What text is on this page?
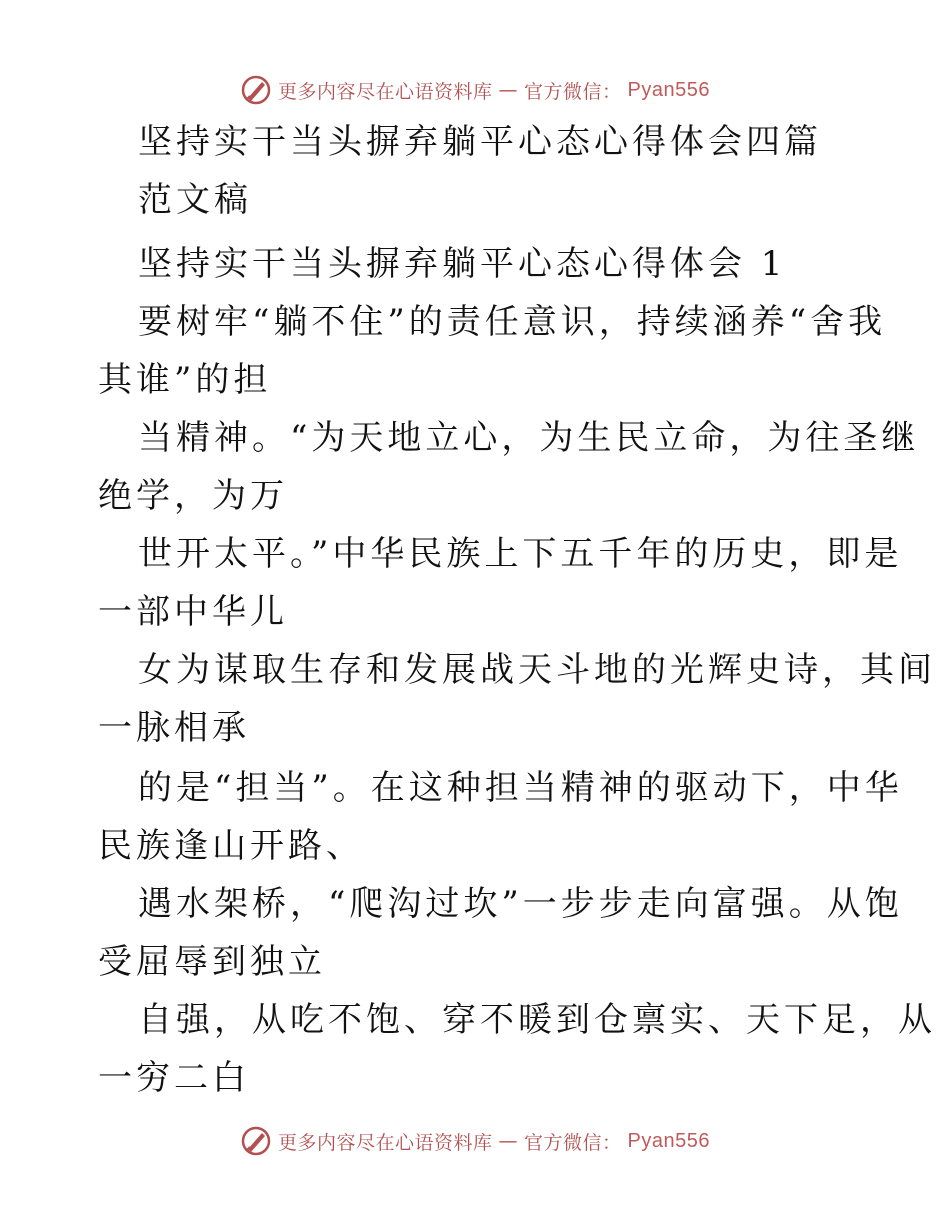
更多内容尽在心语资料库 — 官方微信： Pyan556
坚持实干当头摒弃躺平心态心得体会四篇
范文稿
坚持实干当头摒弃躺平心态心得体会 1
要树牢“躺不住”的责任意识，持续涵养“舍我
其谁”的担
当精神。“为天地立心，为生民立命，为往圣继
绝学，为万
世开太平。”中华民族上下五千年的历史，即是
一部中华儿
女为谋取生存和发展战天斗地的光辉史诗，其间
一脉相承
的是“担当”。在这种担当精神的驱动下，中华
民族逢山开路、
遇水架桥，“爬沟过坎”一步步走向富强。从饱
受屈辱到独立
自强，从吃不饱、穿不暖到仓禀实、天下足，从
一穷二白
更多内容尽在心语资料库 — 官方微信： Pyan556
